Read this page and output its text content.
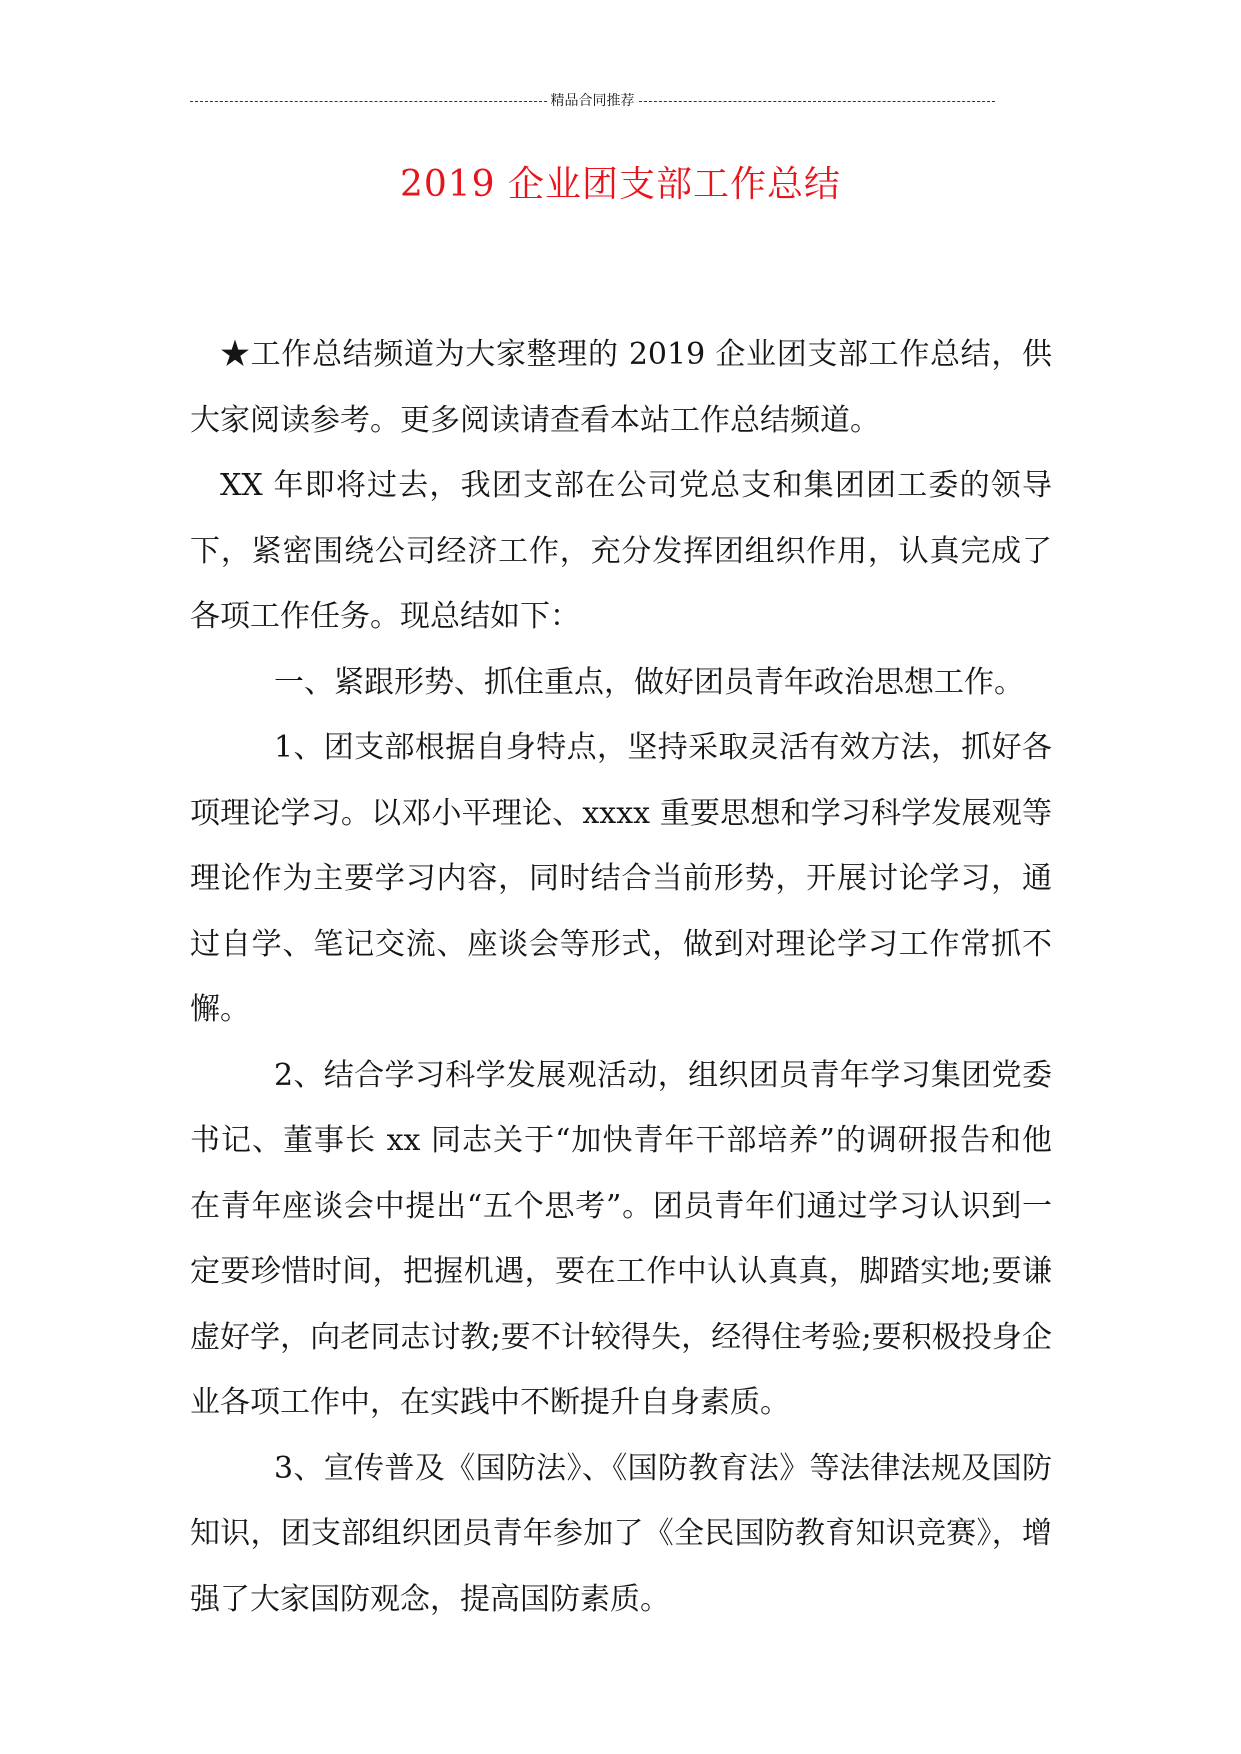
精品合同推荐
2019 企业团支部工作总结

★工作总结频道为大家整理的 2019 企业团支部工作总结，供大家阅读参考。更多阅读请查看本站工作总结频道。

XX 年即将过去，我团支部在公司党总支和集团团工委的领导下，紧密围绕公司经济工作，充分发挥团组织作用，认真完成了各项工作任务。现总结如下：

一、紧跟形势、抓住重点，做好团员青年政治思想工作。

1、团支部根据自身特点，坚持采取灵活有效方法，抓好各项理论学习。以邓小平理论、xxxx 重要思想和学习科学发展观等理论作为主要学习内容，同时结合当前形势，开展讨论学习，通过自学、笔记交流、座谈会等形式，做到对理论学习工作常抓不懈。

2、结合学习科学发展观活动，组织团员青年学习集团党委书记、董事长 xx 同志关于“加快青年干部培养”的调研报告和他在青年座谈会中提出“五个思考”。团员青年们通过学习认识到一定要珍惜时间，把握机遇，要在工作中认认真真，脚踏实地;要谦虚好学，向老同志讨教;要不计较得失，经得住考验;要积极投身企业各项工作中，在实践中不断提升自身素质。

3、宣传普及《国防法》、《国防教育法》等法律法规及国防知识，团支部组织团员青年参加了《全民国防教育知识竞赛》，增强了大家国防观念，提高国防素质。
